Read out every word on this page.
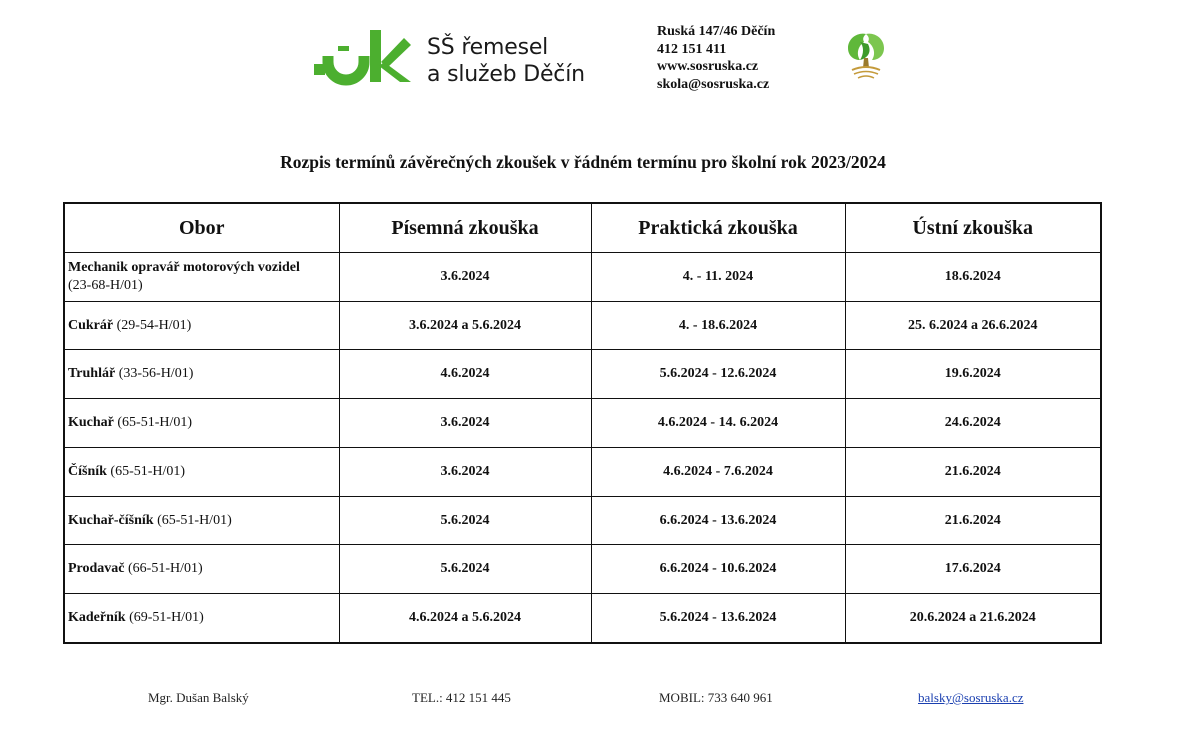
SŠ řemesel
a služeb Děčín
Ruská 147/46 Děčín
412 151 411
www.sosruska.cz
skola@sosruska.cz
Rozpis termínů závěrečných zkoušek v řádném termínu pro školní rok 2023/2024
Obor	Písemná zkouška	Praktická zkouška	Ústní zkouška
Mechanik opravář motorových vozidel
(23-68-H/01)	3.6.2024	4. - 11. 2024	18.6.2024
Cukrář (29-54-H/01)	3.6.2024 a 5.6.2024	4. - 18.6.2024	25. 6.2024 a 26.6.2024
Truhlář (33-56-H/01)	4.6.2024	5.6.2024 - 12.6.2024	19.6.2024
Kuchař (65-51-H/01)	3.6.2024	4.6.2024 - 14. 6.2024	24.6.2024
Číšník (65-51-H/01)	3.6.2024	4.6.2024 - 7.6.2024	21.6.2024
Kuchař-číšník (65-51-H/01)	5.6.2024	6.6.2024 - 13.6.2024	21.6.2024
Prodavač (66-51-H/01)	5.6.2024	6.6.2024 - 10.6.2024	17.6.2024
Kadeřník (69-51-H/01)	4.6.2024 a 5.6.2024	5.6.2024 - 13.6.2024	20.6.2024 a 21.6.2024
Mgr. Dušan Balský	TEL.: 412 151 445	MOBIL: 733 640 961	balsky@sosruska.cz
